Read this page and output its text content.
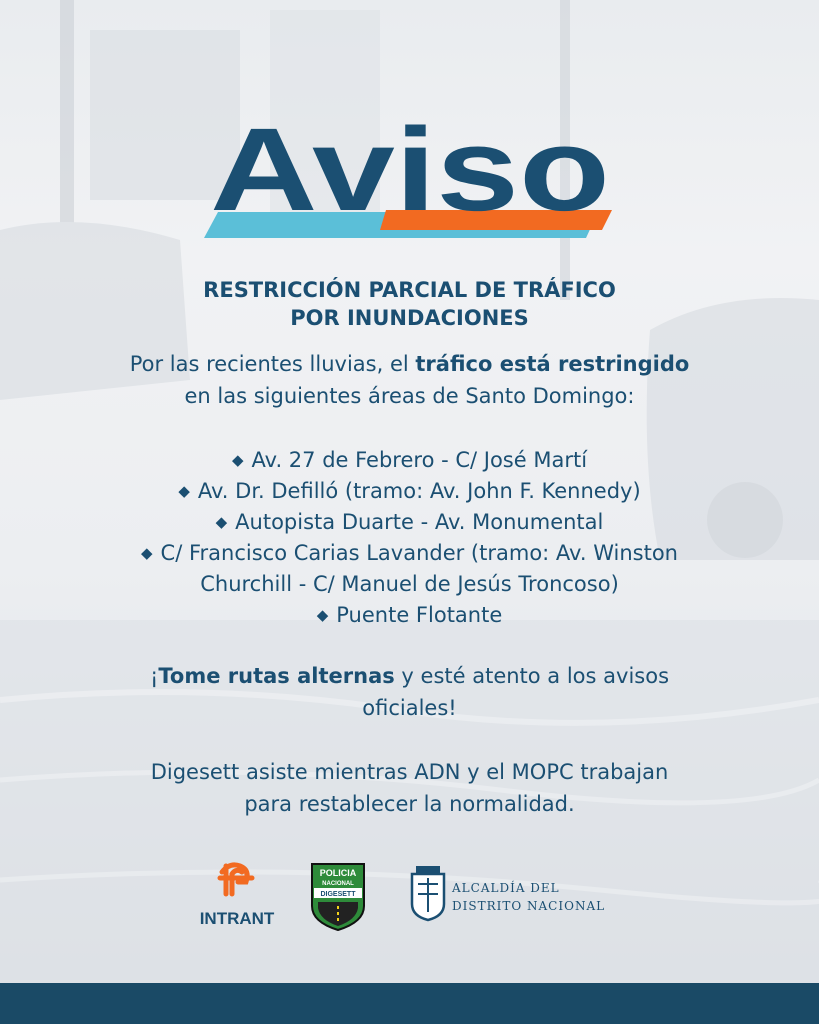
Aviso
RESTRICCIÓN PARCIAL DE TRÁFICO
POR INUNDACIONES
Por las recientes lluvias, el tráfico está restringido
en las siguientes áreas de Santo Domingo:
◆ Av. 27 de Febrero - C/ José Martí
◆ Av. Dr. Defilló (tramo: Av. John F. Kennedy)
◆ Autopista Duarte - Av. Monumental
◆ C/ Francisco Carias Lavander (tramo: Av. Winston
Churchill - C/ Manuel de Jesús Troncoso)
◆ Puente Flotante
¡Tome rutas alternas y esté atento a los avisos
oficiales!
Digesett asiste mientras ADN y el MOPC trabajan
para restablecer la normalidad.
INTRANT
POLICIA
NACIONAL
DIGESETT	ALCALDÍA DEL
DISTRITO NACIONAL
